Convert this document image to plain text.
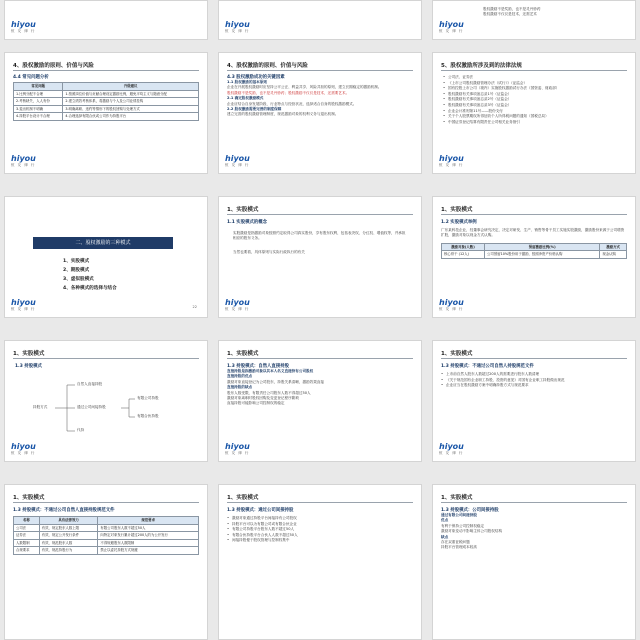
hiyou
恒 友 律 行
hiyou
恒 友 律 行
股权激励不是奖励，也不是灵丹妙药
股权激励不仅仅是技术，还需艺术
hiyou
恒 友 律 行
4、股权激励的原则、价值与风险
4.4 常见问题分析
常见问题	升级建议
1.比例分配不合理	1.按照岗位价值与贡献合理设定激励比例，避免平均主义与随意分配
2.考核缺失，人人有份	2.建立绩效考核体系，将激励与个人及公司业绩挂钩
3.退出机制不明确	3.明确离职、违约等情形下的股权回购与处理方式
4.持股平台设计不合理	4.合理选择有限合伙或公司作为持股平台
hiyou
恒 友 律 行
4、股权激励的原则、价值与风险
4.3 股权激励成功的关键因素
1.1 股权激励的基本原则
企业在开展股权激励时应坚持公平公正、利益共享、风险共担的原则，建立长期稳定的激励机制。
股权激励不是奖励，也不是灵丹妙药；股权激励不仅仅是技术，还需要艺术。
2.1 确定股权激励模式
企业应结合自身发展阶段、行业特点与经营状况，选择适合自身的股权激励模式。
2.2 股权激励需要完善的制度保障
建立完善的股权激励管理制度，规范激励对象的权利义务与退出机制。
hiyou
恒 友 律 行
5、股权激励所涉及到的法律法规
• 公司法、证券法
• 《上市公司股权激励管理办法（试行）》（证监会）
• 国有控股上市公司（境内）实施股权激励试行办法（国资委、财政部）
• 股权激励有关事项备忘录1号（证监会）
• 股权激励有关事项备忘录2号（证监会）
• 股权激励有关事项备忘录3号（证监会）
• 企业会计准则第11号——股份支付
• 关于个人股票期权所得征收个人所得税问题的通知（国税总局）
• 中国证券登记结算有限责任公司相关业务指引
hiyou
恒 友 律 行
二、股权激励的三种模式
1、实股模式
2、期股模式
3、虚拟股模式
4、各种模式的选择与结合
22
hiyou
恒 友 律 行
1、实股模式
1.1 实股模式的概念
实股激励是指激励对象按照约定取得公司真实股份，享有股东权利，包括表决权、分红权、增值权等，并承担相应的股东义务。
当然也要看，具体原则与实际行政执行的有关
hiyou
恒 友 律 行
1、实股模式
1.2 实股模式举例
广东某科技企业，经董事会研究决定，决定对研发、生产、销售等骨干员工实施实股激励，激励股份来源于公司增资扩股，激励对象以现金方式认购。
激励对象(人数)	预留激励比例(%)	激励方式
核心骨干 (12人)	公司预留10%股份用于激励，按照净资产价格认购	现金认购
hiyou
恒 友 律 行
1、实股模式
1.3 持股模式
持股方式
自然人直接持股
通过公司间接持股
代持
有限公司持股
有限合伙持股
hiyou
恒 友 律 行
1、实股模式
1.3 持股模式：自然人直接持股
直接持股是指激励对象以其本人名义直接持有公司股权
直接持股的优点
激励对象直接登记为公司股东，持股关系清晰，激励效果直接
直接持股的缺点
股东人数受限，有限责任公司股东人数不得超过50人
激励对象离职时股权回购及变更登记程序繁琐
直接持股可能影响公司控制权的稳定
hiyou
恒 友 律 行
1、实股模式
1.3 持股模式：不通过公司自然人持股规范文件
• 上市前自然人股东人数超过200人的需要进行股东人数清理
• 《关于规范国有企业职工持股、投资的意见》对国有企业职工持股做出规范
• 企业应当在股权激励方案中明确持股方式与规范要求
hiyou
恒 友 律 行
1、实股模式
1.3 持股模式：不通过公司自然人直接持股规范文件
名称	具有法律效力	规范要求
公司法	有效，规定股东人数上限	有限公司股东人数不超过50人
证券法	有效，规定公开发行条件	向特定对象发行累计超过200人的为公开发行
人数限制	有效，规范股东人数	不得规避股东人数限制
合规要求	有效，规范持股行为	禁止以委托持股方式规避
1、实股模式
1.3 持股模式：通过公司间接持股
• 激励对象通过持股平台间接持有公司股权
• 持股平台可以为有限公司或有限合伙企业
• 有限公司持股平台股东人数不超过50人
• 有限合伙持股平台合伙人人数不超过50人
• 间接持股便于股权管理与控制权集中
1、实股模式
1.3 持股模式：公司间接持股
通过有限公司间接持股
优点
有利于保持公司控制权稳定
激励对象变动不影响主体公司股权结构
缺点
存在双重征税问题
持股平台管理成本较高
